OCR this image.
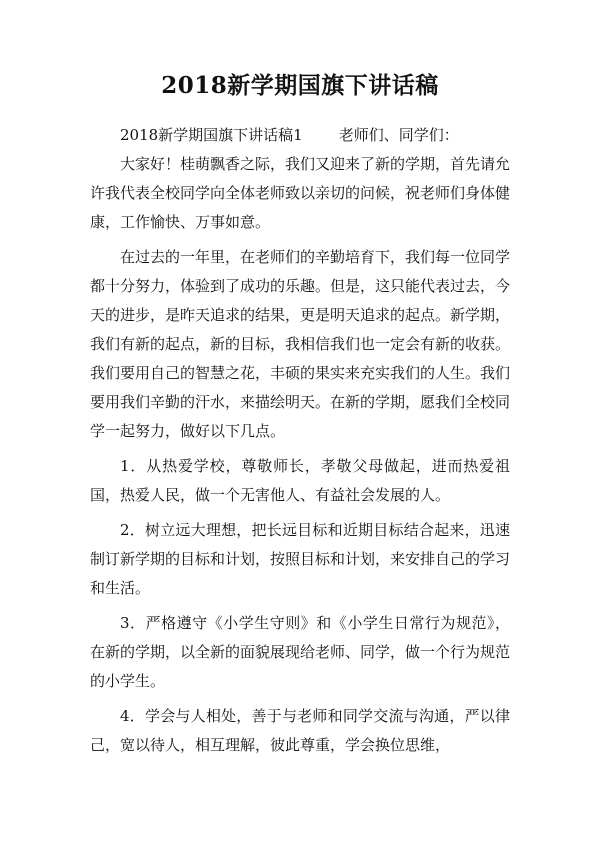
2018新学期国旗下讲话稿

2018新学期国旗下讲话稿1 老师们、同学们：

大家好！桂萌飘香之际，我们又迎来了新的学期，首先请允许我代表全校同学向全体老师致以亲切的问候，祝老师们身体健康，工作愉快、万事如意。

在过去的一年里，在老师们的辛勤培育下，我们每一位同学都十分努力，体验到了成功的乐趣。但是，这只能代表过去，今天的进步，是昨天追求的结果，更是明天追求的起点。新学期，我们有新的起点，新的目标，我相信我们也一定会有新的收获。我们要用自己的智慧之花，丰硕的果实来充实我们的人生。我们要用我们辛勤的汗水，来描绘明天。在新的学期，愿我们全校同学一起努力，做好以下几点。

1．从热爱学校，尊敬师长，孝敬父母做起，进而热爱祖国，热爱人民，做一个无害他人、有益社会发展的人。

2．树立远大理想，把长远目标和近期目标结合起来，迅速制订新学期的目标和计划，按照目标和计划，来安排自己的学习和生活。

3．严格遵守《小学生守则》和《小学生日常行为规范》，在新的学期，以全新的面貌展现给老师、同学，做一个行为规范的小学生。

4．学会与人相处，善于与老师和同学交流与沟通，严以律己，宽以待人，相互理解，彼此尊重，学会换位思维，
